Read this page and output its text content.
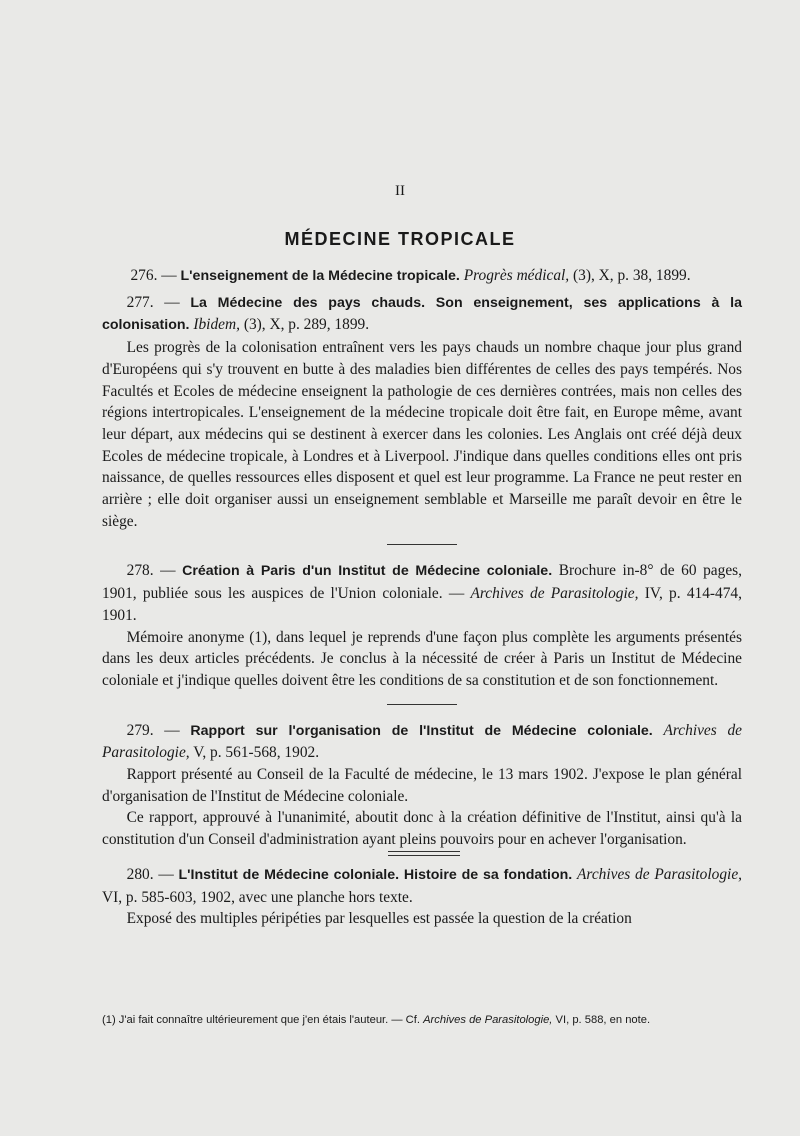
II
MÉDECINE TROPICALE

276. — L'enseignement de la Médecine tropicale. Progrès médical, (3), X, p. 38, 1899.

277. — La Médecine des pays chauds. Son enseignement, ses applications à la colonisation. Ibidem, (3), X, p. 289, 1899.

Les progrès de la colonisation entraînent vers les pays chauds un nombre chaque jour plus grand d'Européens qui s'y trouvent en butte à des maladies bien différentes de celles des pays tempérés. Nos Facultés et Ecoles de médecine enseignent la pathologie de ces dernières contrées, mais non celles des régions intertropicales. L'enseignement de la médecine tropicale doit être fait, en Europe même, avant leur départ, aux médecins qui se destinent à exercer dans les colonies. Les Anglais ont créé déjà deux Ecoles de médecine tropicale, à Londres et à Liverpool. J'indique dans quelles conditions elles ont pris naissance, de quelles ressources elles disposent et quel est leur programme. La France ne peut rester en arrière ; elle doit organiser aussi un enseignement semblable et Marseille me paraît devoir en être le siège.

278. — Création à Paris d'un Institut de Médecine coloniale. Brochure in-8° de 60 pages, 1901, publiée sous les auspices de l'Union coloniale. — Archives de Parasitologie, IV, p. 414-474, 1901.

Mémoire anonyme (1), dans lequel je reprends d'une façon plus complète les arguments présentés dans les deux articles précédents. Je conclus à la nécessité de créer à Paris un Institut de Médecine coloniale et j'indique quelles doivent être les conditions de sa constitution et de son fonctionnement.

279. — Rapport sur l'organisation de l'Institut de Médecine coloniale. Archives de Parasitologie, V, p. 561-568, 1902.

Rapport présenté au Conseil de la Faculté de médecine, le 13 mars 1902. J'expose le plan général d'organisation de l'Institut de Médecine coloniale.

Ce rapport, approuvé à l'unanimité, aboutit donc à la création définitive de l'Institut, ainsi qu'à la constitution d'un Conseil d'administration ayant pleins pouvoirs pour en achever l'organisation.

280. — L'Institut de Médecine coloniale. Histoire de sa fondation. Archives de Parasitologie, VI, p. 585-603, 1902, avec une planche hors texte.

Exposé des multiples péripéties par lesquelles est passée la question de la création

(1) J'ai fait connaître ultérieurement que j'en étais l'auteur. — Cf. Archives de Parasitologie, VI, p. 588, en note.
